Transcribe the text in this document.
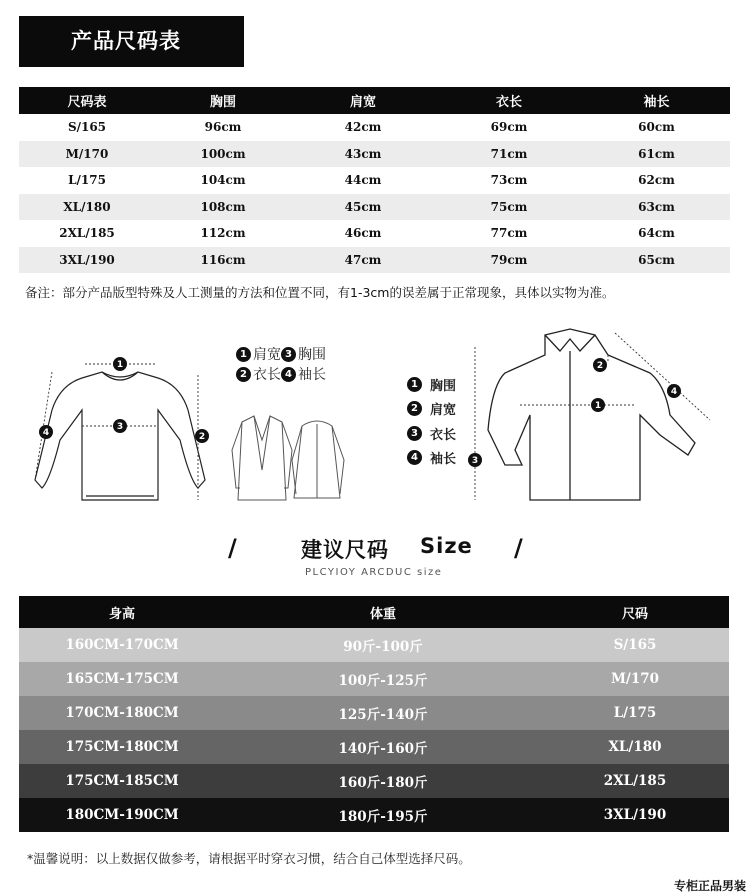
产品尺码表
尺码表	胸围	肩宽	衣长	袖长
S/165	96cm	42cm	69cm	60cm
M/170	100cm	43cm	71cm	61cm
L/175	104cm	44cm	73cm	62cm
XL/180	108cm	45cm	75cm	63cm
2XL/185	112cm	46cm	77cm	64cm
3XL/190	116cm	47cm	79cm	65cm
备注：部分产品版型特殊及人工测量的方法和位置不同，有1-3cm的误差属于正常现象，具体以实物为准。
1
3
4	2
1 肩宽 3 胸围
2 衣长 4 袖长
2
1
3
4
1 胸围
2 肩宽
3 衣长
4 袖长
/	建议尺码 Size /
PLCYIOY ARCDUC size
身高	体重	尺码
160CM-170CM	90斤-100斤	S/165
165CM-175CM	100斤-125斤	M/170
170CM-180CM	125斤-140斤	L/175
175CM-180CM	140斤-160斤	XL/180
175CM-185CM	160斤-180斤	2XL/185
180CM-190CM	180斤-195斤	3XL/190
*温馨说明：以上数据仅做参考，请根据平时穿衣习惯，结合自己体型选择尺码。
专柜正品男装
